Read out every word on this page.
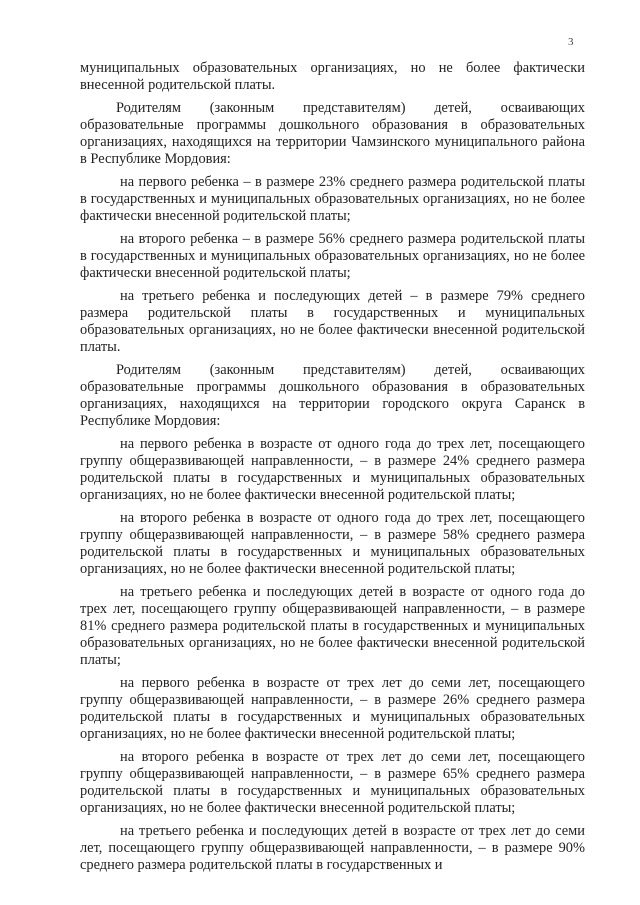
3

муниципальных образовательных организациях, но не более фактически внесенной родительской платы.

Родителям (законным представителям) детей, осваивающих образовательные программы дошкольного образования в образовательных организациях, находящихся на территории Чамзинского муниципального района в Республике Мордовия:

на первого ребенка – в размере 23% среднего размера родительской платы в государственных и муниципальных образовательных организациях, но не более фактически внесенной родительской платы;

на второго ребенка – в размере 56% среднего размера родительской платы в государственных и муниципальных образовательных организациях, но не более фактически внесенной родительской платы;

на третьего ребенка и последующих детей – в размере 79% среднего размера родительской платы в государственных и муниципальных образовательных организациях, но не более фактически внесенной родительской платы.

Родителям (законным представителям) детей, осваивающих образовательные программы дошкольного образования в образовательных организациях, находящихся на территории городского округа Саранск в Республике Мордовия:

на первого ребенка в возрасте от одного года до трех лет, посещающего группу общеразвивающей направленности, – в размере 24% среднего размера родительской платы в государственных и муниципальных образовательных организациях, но не более фактически внесенной родительской платы;

на второго ребенка в возрасте от одного года до трех лет, посещающего группу общеразвивающей направленности, – в размере 58% среднего размера родительской платы в государственных и муниципальных образовательных организациях, но не более фактически внесенной родительской платы;

на третьего ребенка и последующих детей в возрасте от одного года до трех лет, посещающего группу общеразвивающей направленности, – в размере 81% среднего размера родительской платы в государственных и муниципальных образовательных организациях, но не более фактически внесенной родительской платы;

на первого ребенка в возрасте от трех лет до семи лет, посещающего группу общеразвивающей направленности, – в размере 26% среднего размера родительской платы в государственных и муниципальных образовательных организациях, но не более фактически внесенной родительской платы;

на второго ребенка в возрасте от трех лет до семи лет, посещающего группу общеразвивающей направленности, – в размере 65% среднего размера родительской платы в государственных и муниципальных образовательных организациях, но не более фактически внесенной родительской платы;

на третьего ребенка и последующих детей в возрасте от трех лет до семи лет, посещающего группу общеразвивающей направленности, – в размере 90% среднего размера родительской платы в государственных и
